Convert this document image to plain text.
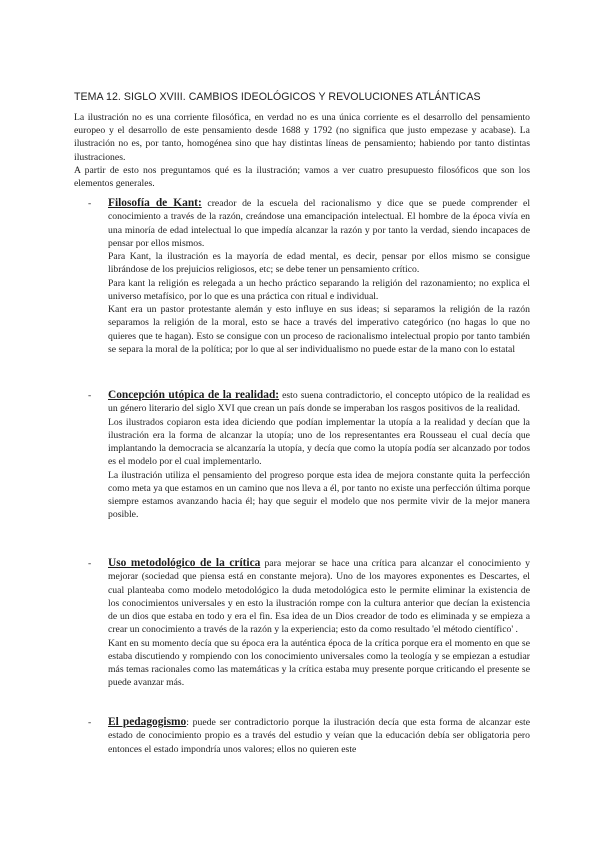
TEMA 12. SIGLO XVIII. CAMBIOS IDEOLÓGICOS Y REVOLUCIONES ATLÁNTICAS

La ilustración no es una corriente filosófica, en verdad no es una única corriente es el desarrollo del pensamiento europeo y el desarrollo de este pensamiento desde 1688 y 1792 (no significa que justo empezase y acabase). La ilustración no es, por tanto, homogénea sino que hay distintas líneas de pensamiento; habiendo por tanto distintas ilustraciones.

A partir de esto nos preguntamos qué es la ilustración; vamos a ver cuatro presupuesto filosóficos que son los elementos generales.

-	Filosofía de Kant: creador de la escuela del racionalismo y dice que se puede comprender el conocimiento a través de la razón, creándose una emancipación intelectual. El hombre de la época vivía en una minoría de edad intelectual lo que impedía alcanzar la razón y por tanto la verdad, siendo incapaces de pensar por ellos mismos.

Para Kant, la ilustración es la mayoría de edad mental, es decir, pensar por ellos mismo se consigue librándose de los prejuicios religiosos, etc; se debe tener un pensamiento crítico.

Para kant la religión es relegada a un hecho práctico separando la religión del razonamiento; no explica el universo metafísico, por lo que es una práctica con ritual e individual.

Kant era un pastor protestante alemán y esto influye en sus ideas; si separamos la religión de la razón separamos la religión de la moral, esto se hace a través del imperativo categórico (no hagas lo que no quieres que te hagan). Esto se consigue con un proceso de racionalismo intelectual propio por tanto también se separa la moral de la política; por lo que al ser individualismo no puede estar de la mano con lo estatal

-	Concepción utópica de la realidad: esto suena contradictorio, el concepto utópico de la realidad es un género literario del siglo XVI que crean un país donde se imperaban los rasgos positivos de la realidad.

Los ilustrados copiaron esta idea diciendo que podían implementar la utopía a la realidad y decían que la ilustración era la forma de alcanzar la utopía; uno de los representantes era Rousseau el cual decía que implantando la democracia se alcanzaría la utopía, y decía que como la utopía podía ser alcanzado por todos es el modelo por el cual implementarlo.

La ilustración utiliza el pensamiento del progreso porque esta idea de mejora constante quita la perfección como meta ya que estamos en un camino que nos lleva a él, por tanto no existe una perfección última porque siempre estamos avanzando hacia él; hay que seguir el modelo que nos permite vivir de la mejor manera posible.

-	Uso metodológico de la crítica para mejorar se hace una crítica para alcanzar el conocimiento y mejorar (sociedad que piensa está en constante mejora). Uno de los mayores exponentes es Descartes, el cual planteaba como modelo metodológico la duda metodológica esto le permite eliminar la existencia de los conocimientos universales y en esto la ilustración rompe con la cultura anterior que decían la existencia de un dios que estaba en todo y era el fin. Esa idea de un Dios creador de todo es eliminada y se empieza a crear un conocimiento a través de la razón y la experiencia; esto da como resultado 'el método científico' .

Kant en su momento decía que su época era la auténtica época de la crítica porque era el momento en que se estaba discutiendo y rompiendo con los conocimiento universales como la teología y se empiezan a estudiar más temas racionales como las matemáticas y la crítica estaba muy presente porque criticando el presente se puede avanzar más.

-	El pedagogismo: puede ser contradictorio porque la ilustración decía que esta forma de alcanzar este estado de conocimiento propio es a través del estudio y veían que la educación debía ser obligatoria pero entonces el estado impondría unos valores; ellos no quieren este
